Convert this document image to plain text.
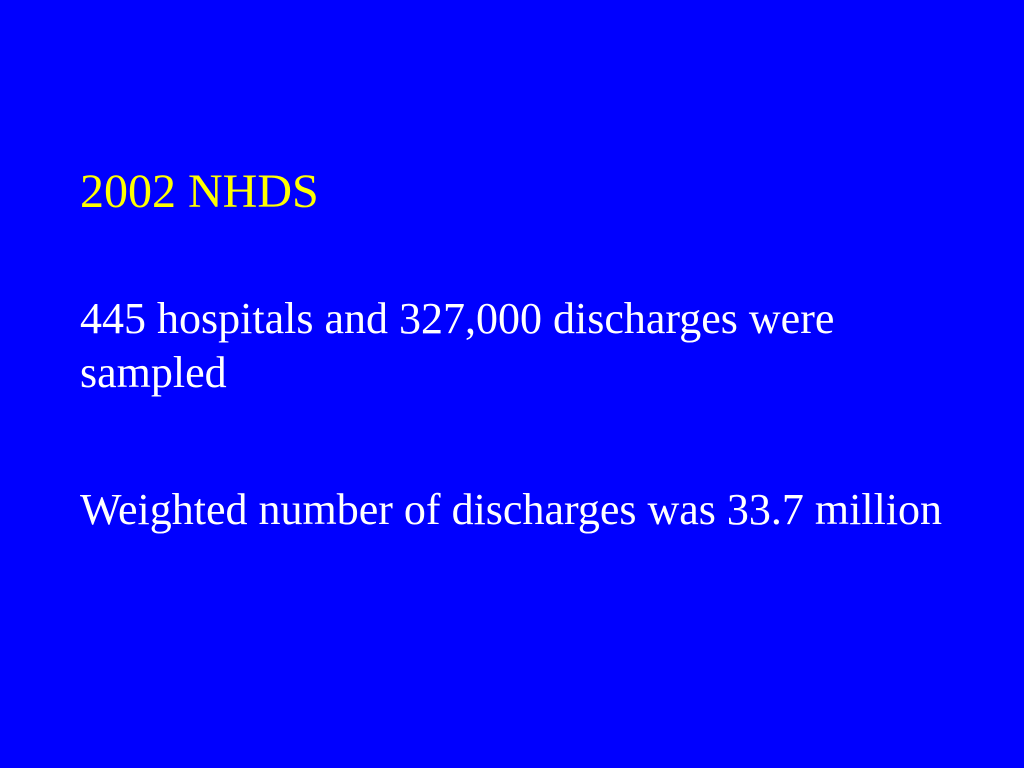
2002 NHDS
445 hospitals and 327,000 discharges were sampled
Weighted number of discharges was 33.7 million
